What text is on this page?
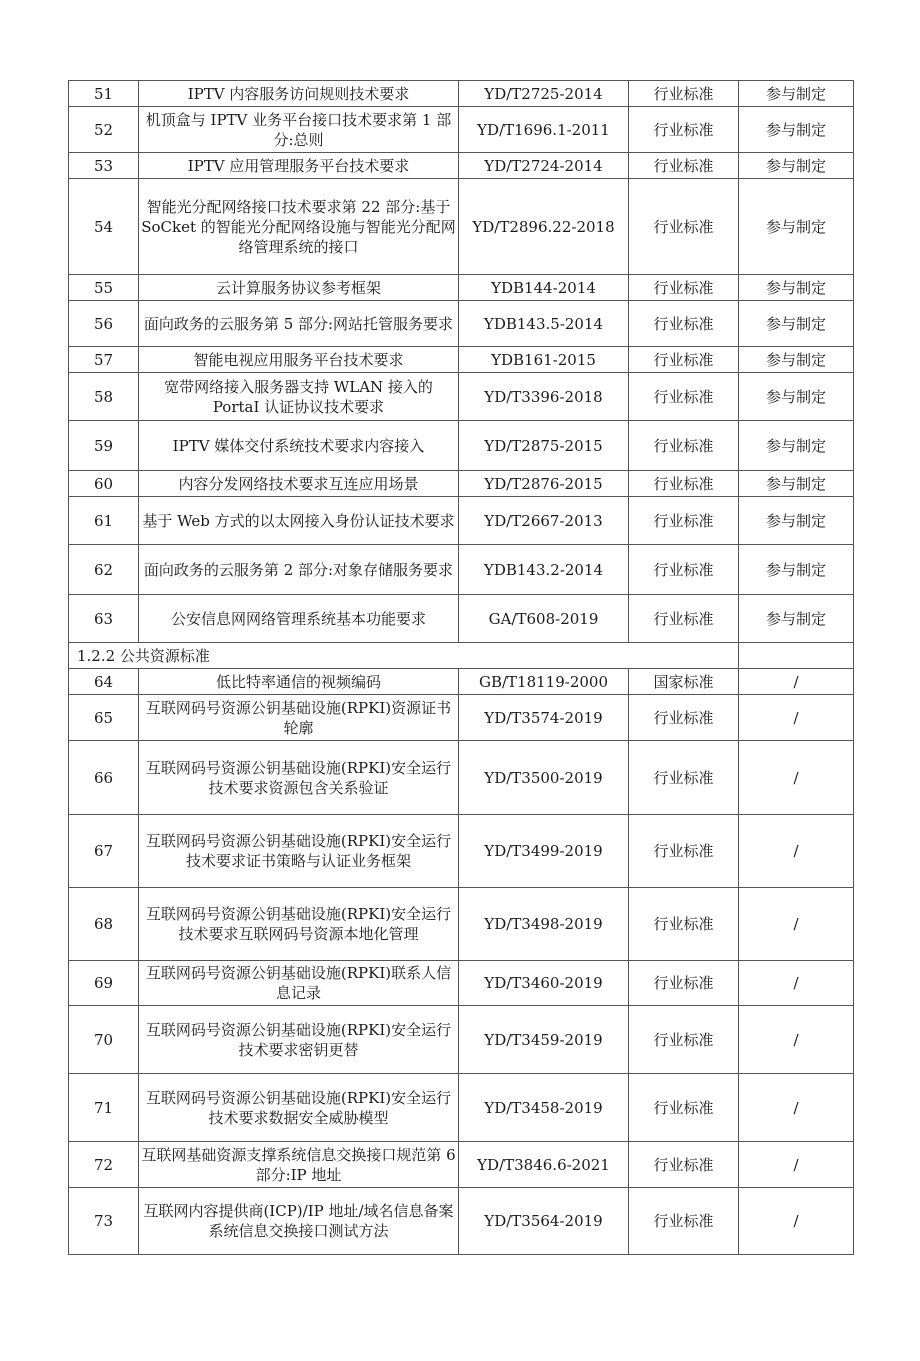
51	IPTV 内容服务访问规则技术要求	YD/T2725-2014	行业标准	参与制定
52	机顶盒与 IPTV 业务平台接口技术要求第 1 部分:总则	YD/T1696.1-2011	行业标准	参与制定
53	IPTV 应用管理服务平台技术要求	YD/T2724-2014	行业标准	参与制定
54	智能光分配网络接口技术要求第 22 部分:基于 SoCket 的智能光分配网络设施与智能光分配网络管理系统的接口	YD/T2896.22-2018	行业标准	参与制定
55	云计算服务协议参考框架	YDB144-2014	行业标准	参与制定
56	面向政务的云服务第 5 部分:网站托管服务要求	YDB143.5-2014	行业标准	参与制定
57	智能电视应用服务平台技术要求	YDB161-2015	行业标准	参与制定
58	宽带网络接入服务器支持 WLAN 接入的 PortaI 认证协议技术要求	YD/T3396-2018	行业标准	参与制定
59	IPTV 媒体交付系统技术要求内容接入	YD/T2875-2015	行业标准	参与制定
60	内容分发网络技术要求互连应用场景	YD/T2876-2015	行业标准	参与制定
61	基于 Web 方式的以太网接入身份认证技术要求	YD/T2667-2013	行业标准	参与制定
62	面向政务的云服务第 2 部分:对象存储服务要求	YDB143.2-2014	行业标准	参与制定
63	公安信息网网络管理系统基本功能要求	GA/T608-2019	行业标准	参与制定
1.2.2 公共资源标准				
64	低比特率通信的视频编码	GB/T18119-2000	国家标准	/
65	互联网码号资源公钥基础设施(RPKI)资源证书轮廓	YD/T3574-2019	行业标准	/
66	互联网码号资源公钥基础设施(RPKI)安全运行技术要求资源包含关系验证	YD/T3500-2019	行业标准	/
67	互联网码号资源公钥基础设施(RPKI)安全运行技术要求证书策略与认证业务框架	YD/T3499-2019	行业标准	/
68	互联网码号资源公钥基础设施(RPKI)安全运行技术要求互联网码号资源本地化管理	YD/T3498-2019	行业标准	/
69	互联网码号资源公钥基础设施(RPKI)联系人信息记录	YD/T3460-2019	行业标准	/
70	互联网码号资源公钥基础设施(RPKI)安全运行技术要求密钥更替	YD/T3459-2019	行业标准	/
71	互联网码号资源公钥基础设施(RPKI)安全运行技术要求数据安全威胁模型	YD/T3458-2019	行业标准	/
72	互联网基础资源支撑系统信息交换接口规范第 6 部分:IP 地址	YD/T3846.6-2021	行业标准	/
73	互联网内容提供商(ICP)/IP 地址/域名信息备案系统信息交换接口测试方法	YD/T3564-2019	行业标准	/
